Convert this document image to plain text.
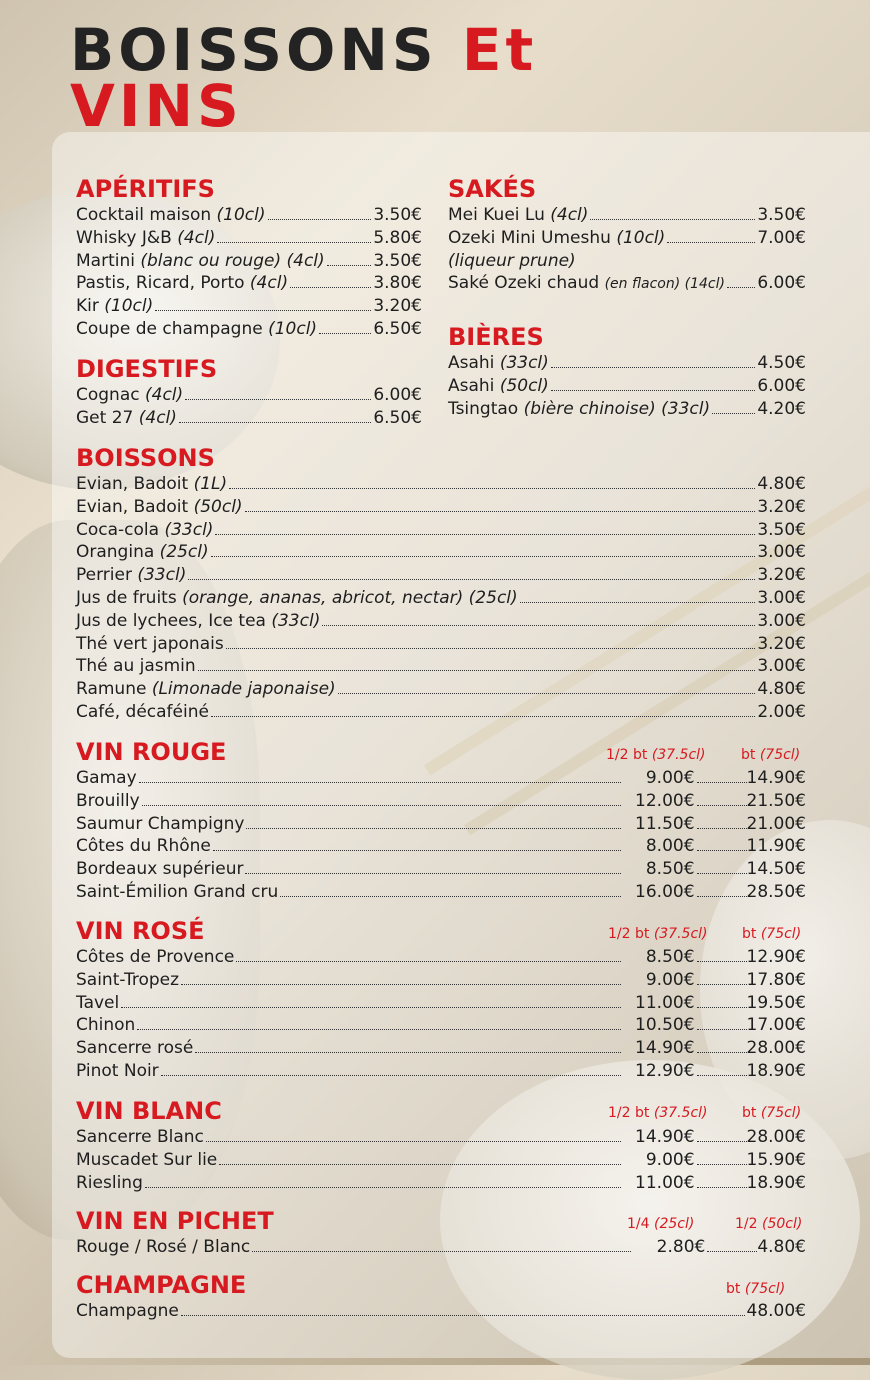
BOISSONS Et
VINS
APÉRITIFS
Cocktail maison (10cl)	3.50€
Whisky J&B (4cl)	5.80€
Martini (blanc ou rouge) (4cl)	3.50€
Pastis, Ricard, Porto (4cl)	3.80€
Kir (10cl)	3.20€
Coupe de champagne (10cl)	6.50€
DIGESTIFS
Cognac (4cl)	6.00€
Get 27 (4cl)	6.50€
SAKÉS
Mei Kuei Lu (4cl)	3.50€
Ozeki Mini Umeshu (10cl)	7.00€
(liqueur prune)
Saké Ozeki chaud (en flacon) (14cl) 6.00€
BIÈRES
Asahi (33cl)	4.50€
Asahi (50cl)	6.00€
Tsingtao (bière chinoise) (33cl)	4.20€
BOISSONS
Evian, Badoit (1L)	4.80€
Evian, Badoit (50cl)	3.20€
Coca-cola (33cl)	3.50€
Orangina (25cl)	3.00€
Perrier (33cl)	3.20€
Jus de fruits (orange, ananas, abricot, nectar) (25cl)	3.00€
Jus de lychees, Ice tea (33cl)	3.00€
Thé vert japonais	3.20€
Thé au jasmin	3.00€
Ramune (Limonade japonaise)	4.80€
Café, décaféiné	2.00€
VIN ROUGE	1/2 bt (37.5cl)	bt (75cl)
Gamay	9.00€	14.90€
Brouilly	12.00€	21.50€
Saumur Champigny	11.50€	21.00€
Côtes du Rhône	8.00€	11.90€
Bordeaux supérieur	8.50€	14.50€
Saint-Émilion Grand cru	16.00€	28.50€
VIN ROSÉ	1/2 bt (37.5cl) bt (75cl)
Côtes de Provence	8.50€	12.90€
Saint-Tropez	9.00€	17.80€
Tavel	11.00€	19.50€
Chinon	10.50€	17.00€
Sancerre rosé	14.90€	28.00€
Pinot Noir	12.90€	18.90€
VIN BLANC	1/2 bt (37.5cl) bt (75cl)
Sancerre Blanc	14.90€	28.00€
Muscadet Sur lie	9.00€	15.90€
Riesling	11.00€	18.90€
VIN EN PICHET	1/4 (25cl)	1/2 (50cl)
Rouge / Rosé / Blanc	2.80€	4.80€
CHAMPAGNE	bt (75cl)
Champagne	48.00€
